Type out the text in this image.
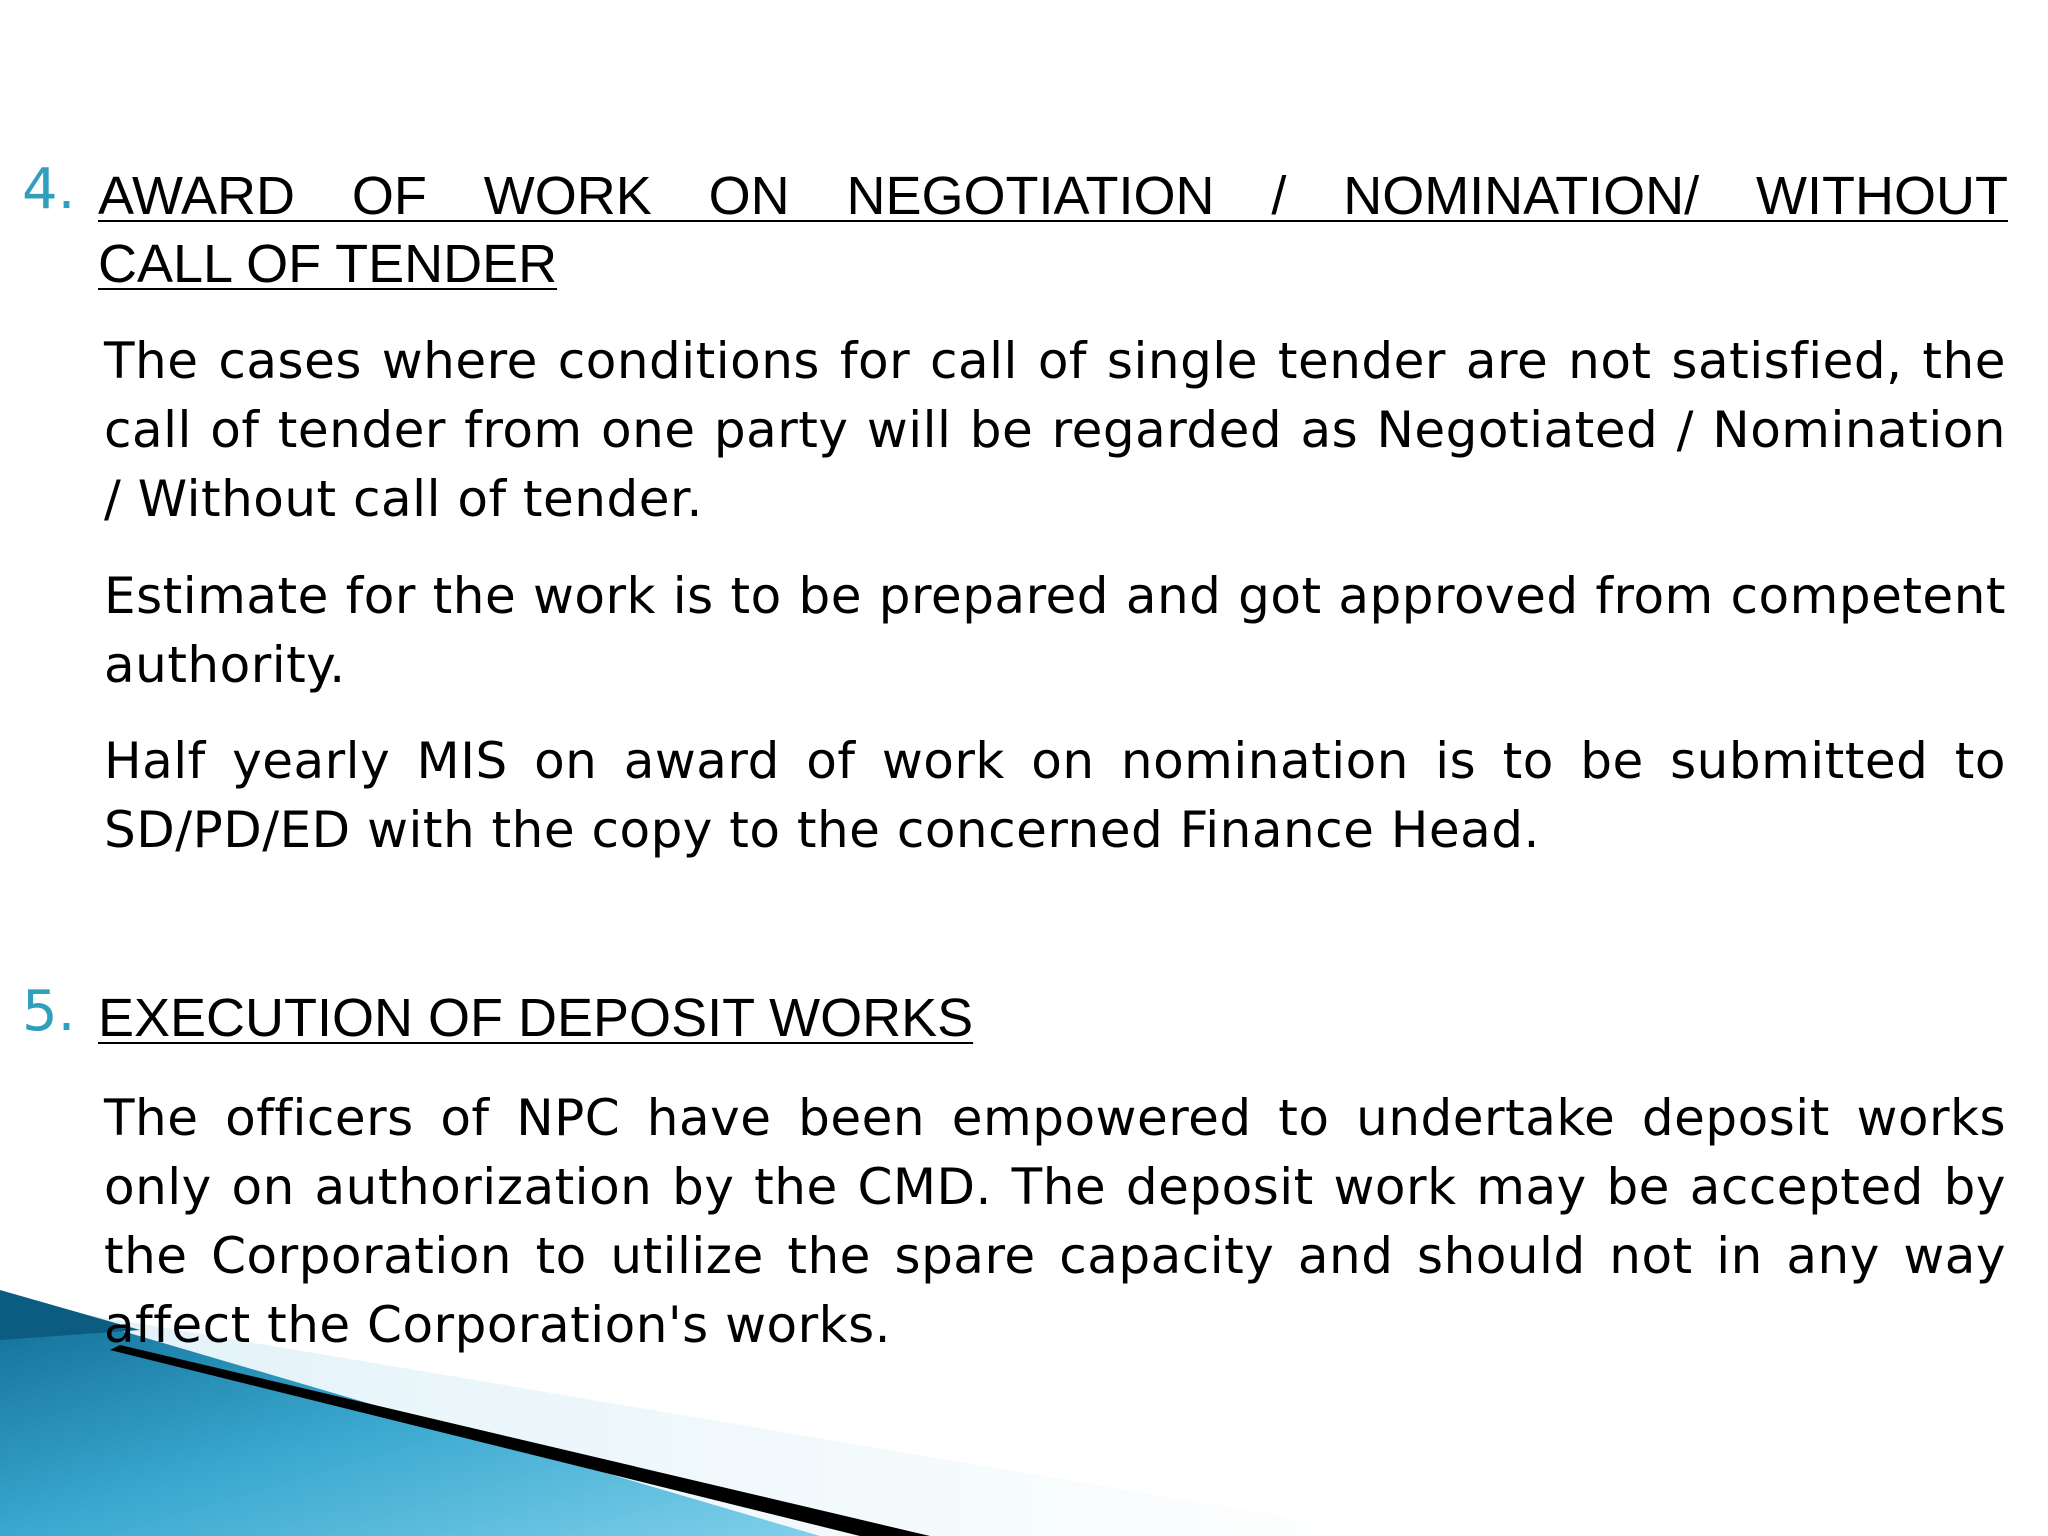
4. AWARD OF WORK ON NEGOTIATION / NOMINATION/ WITHOUT
CALL OF TENDER

The cases where conditions for call of single tender are not satisfied, the call of tender from one party will be regarded as Negotiated / Nomination / Without call of tender.

Estimate for the work is to be prepared and got approved from competent authority.

Half yearly MIS on award of work on nomination is to be submitted to SD/PD/ED with the copy to the concerned Finance Head.

5. EXECUTION OF DEPOSIT WORKS

The officers of NPC have been empowered to undertake deposit works only on authorization by the CMD. The deposit work may be accepted by the Corporation to utilize the spare capacity and should not in any way affect the Corporation's works.
